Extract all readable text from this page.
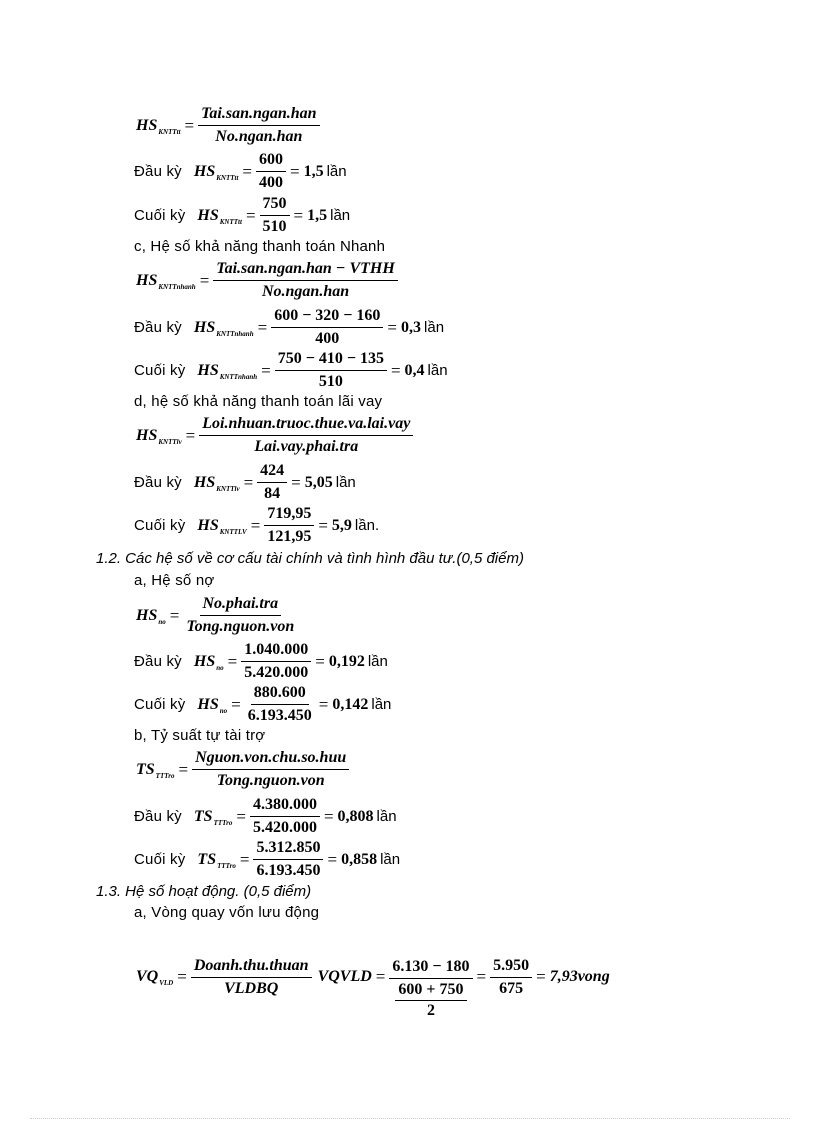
HS KNTTtt = $\frac{\text{Tai.san.ngan.han}}{\text{No.ngan.han}}$
Đầu kỳ HS KNTTtt = $\frac{600}{400} = 1,5$ lần
Cuối kỳ HS KNTTtt = $\frac{750}{510} = 1,5$ lần
c, Hệ số khả năng thanh toán Nhanh
HS KNTTnhanh = $\frac{\text{Tai.san.ngan.han − VTHH}}{\text{No.ngan.han}}$
Đầu kỳ HS KNTTnhanh = $\frac{600 - 320 - 160}{400} = 0,3$ lần
Cuối kỳ HS KNTTnhanh = $\frac{750 - 410 - 135}{510} = 0,4$ lần
d, hệ số khả năng thanh toán lãi vay
HS KNTTlv = $\frac{\text{Loi.nhuan.truoc.thue.va.lai.vay}}{\text{Lai.vay.phai.tra}}$
Đầu kỳ HS KNTTlv = $\frac{424}{84} = 5,05$ lần
Cuối kỳ HS KNTTLV = $\frac{719,95}{121,95} = 5,9$ lần.
1.2. Các hệ số về cơ cấu tài chính và tình hình đầu tư.(0,5 điểm)
a, Hệ số nợ
HS no = $\frac{\text{No.phai.tra}}{\text{Tong.nguon.von}}$
Đầu kỳ HS no = $\frac{1.040.000}{5.420.000} = 0,192$ lần
Cuối kỳ HS no = $\frac{880.600}{6.193.450} = 0,142$ lần
b, Tỷ suất tự tài trợ
TS TTTro = $\frac{\text{Nguon.von.chu.so.huu}}{\text{Tong.nguon.von}}$
Đầu kỳ TS TTTro = $\frac{4.380.000}{5.420.000} = 0,808$ lần
Cuối kỳ TS TTTro = $\frac{5.312.850}{6.193.450} = 0,858$ lần
1.3. Hệ số hoạt động. (0,5 điểm)
a, Vòng quay vốn lưu động
VQ VLD = $\frac{\text{Doanh.thu.thuan}}{\text{VLDBQ}}$ VQVLD = 6.130 − 180
600 + 750
$2 = \frac{5.950}{675}$ = 7,93vong
